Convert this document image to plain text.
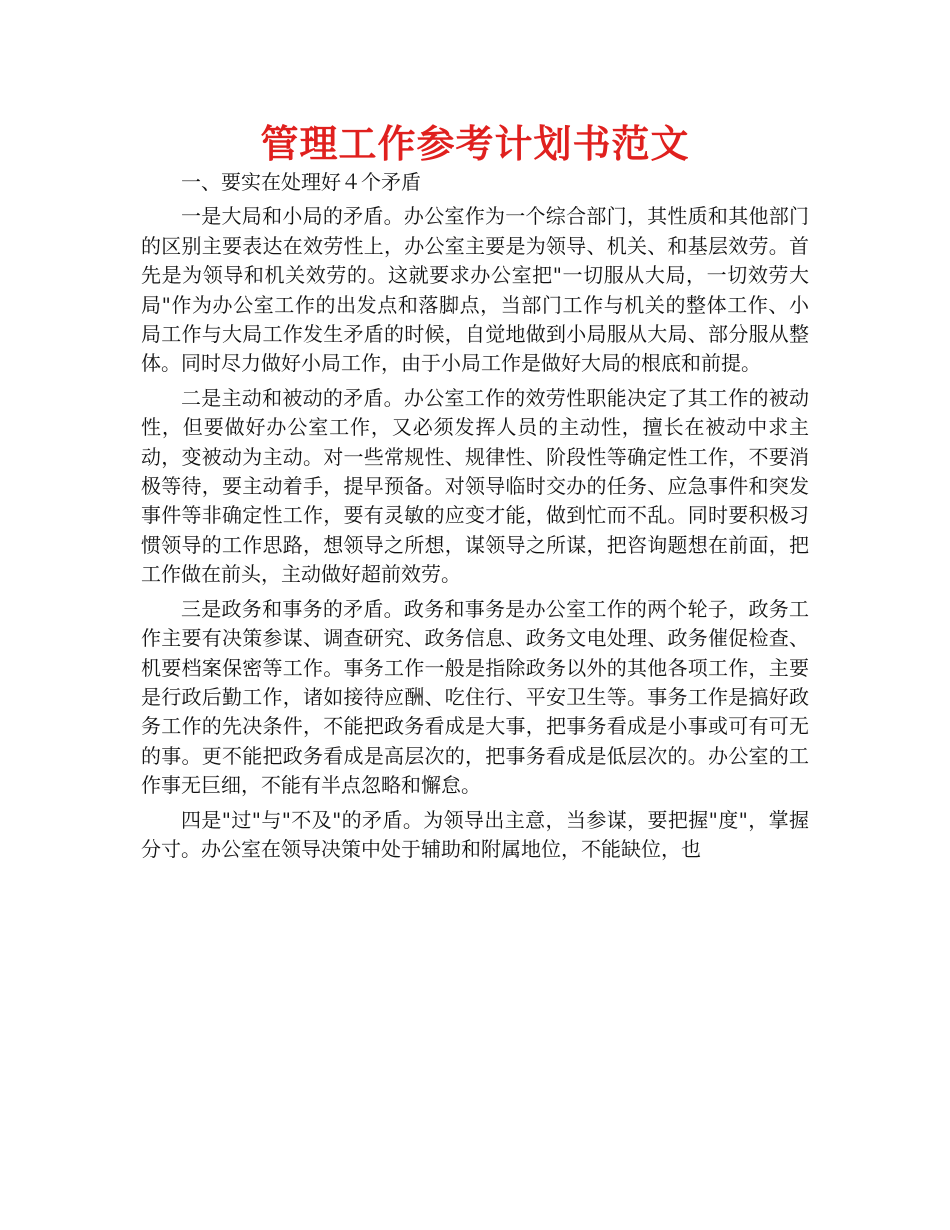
管理工作参考计划书范文

一、要实在处理好４个矛盾

一是大局和小局的矛盾。办公室作为一个综合部门，其性质和其他部门的区别主要表达在效劳性上，办公室主要是为领导、机关、和基层效劳。首先是为领导和机关效劳的。这就要求办公室把"一切服从大局，一切效劳大局"作为办公室工作的出发点和落脚点，当部门工作与机关的整体工作、小局工作与大局工作发生矛盾的时候，自觉地做到小局服从大局、部分服从整体。同时尽力做好小局工作，由于小局工作是做好大局的根底和前提。

二是主动和被动的矛盾。办公室工作的效劳性职能决定了其工作的被动性，但要做好办公室工作，又必须发挥人员的主动性，擅长在被动中求主动，变被动为主动。对一些常规性、规律性、阶段性等确定性工作，不要消极等待，要主动着手，提早预备。对领导临时交办的任务、应急事件和突发事件等非确定性工作，要有灵敏的应变才能，做到忙而不乱。同时要积极习惯领导的工作思路，想领导之所想，谋领导之所谋，把咨询题想在前面，把工作做在前头，主动做好超前效劳。

三是政务和事务的矛盾。政务和事务是办公室工作的两个轮子，政务工作主要有决策参谋、调查研究、政务信息、政务文电处理、政务催促检查、机要档案保密等工作。事务工作一般是指除政务以外的其他各项工作，主要是行政后勤工作，诸如接待应酬、吃住行、平安卫生等。事务工作是搞好政务工作的先决条件，不能把政务看成是大事，把事务看成是小事或可有可无的事。更不能把政务看成是高层次的，把事务看成是低层次的。办公室的工作事无巨细，不能有半点忽略和懈怠。

四是"过"与"不及"的矛盾。为领导出主意，当参谋，要把握"度"，掌握分寸。办公室在领导决策中处于辅助和附属地位，不能缺位，也
